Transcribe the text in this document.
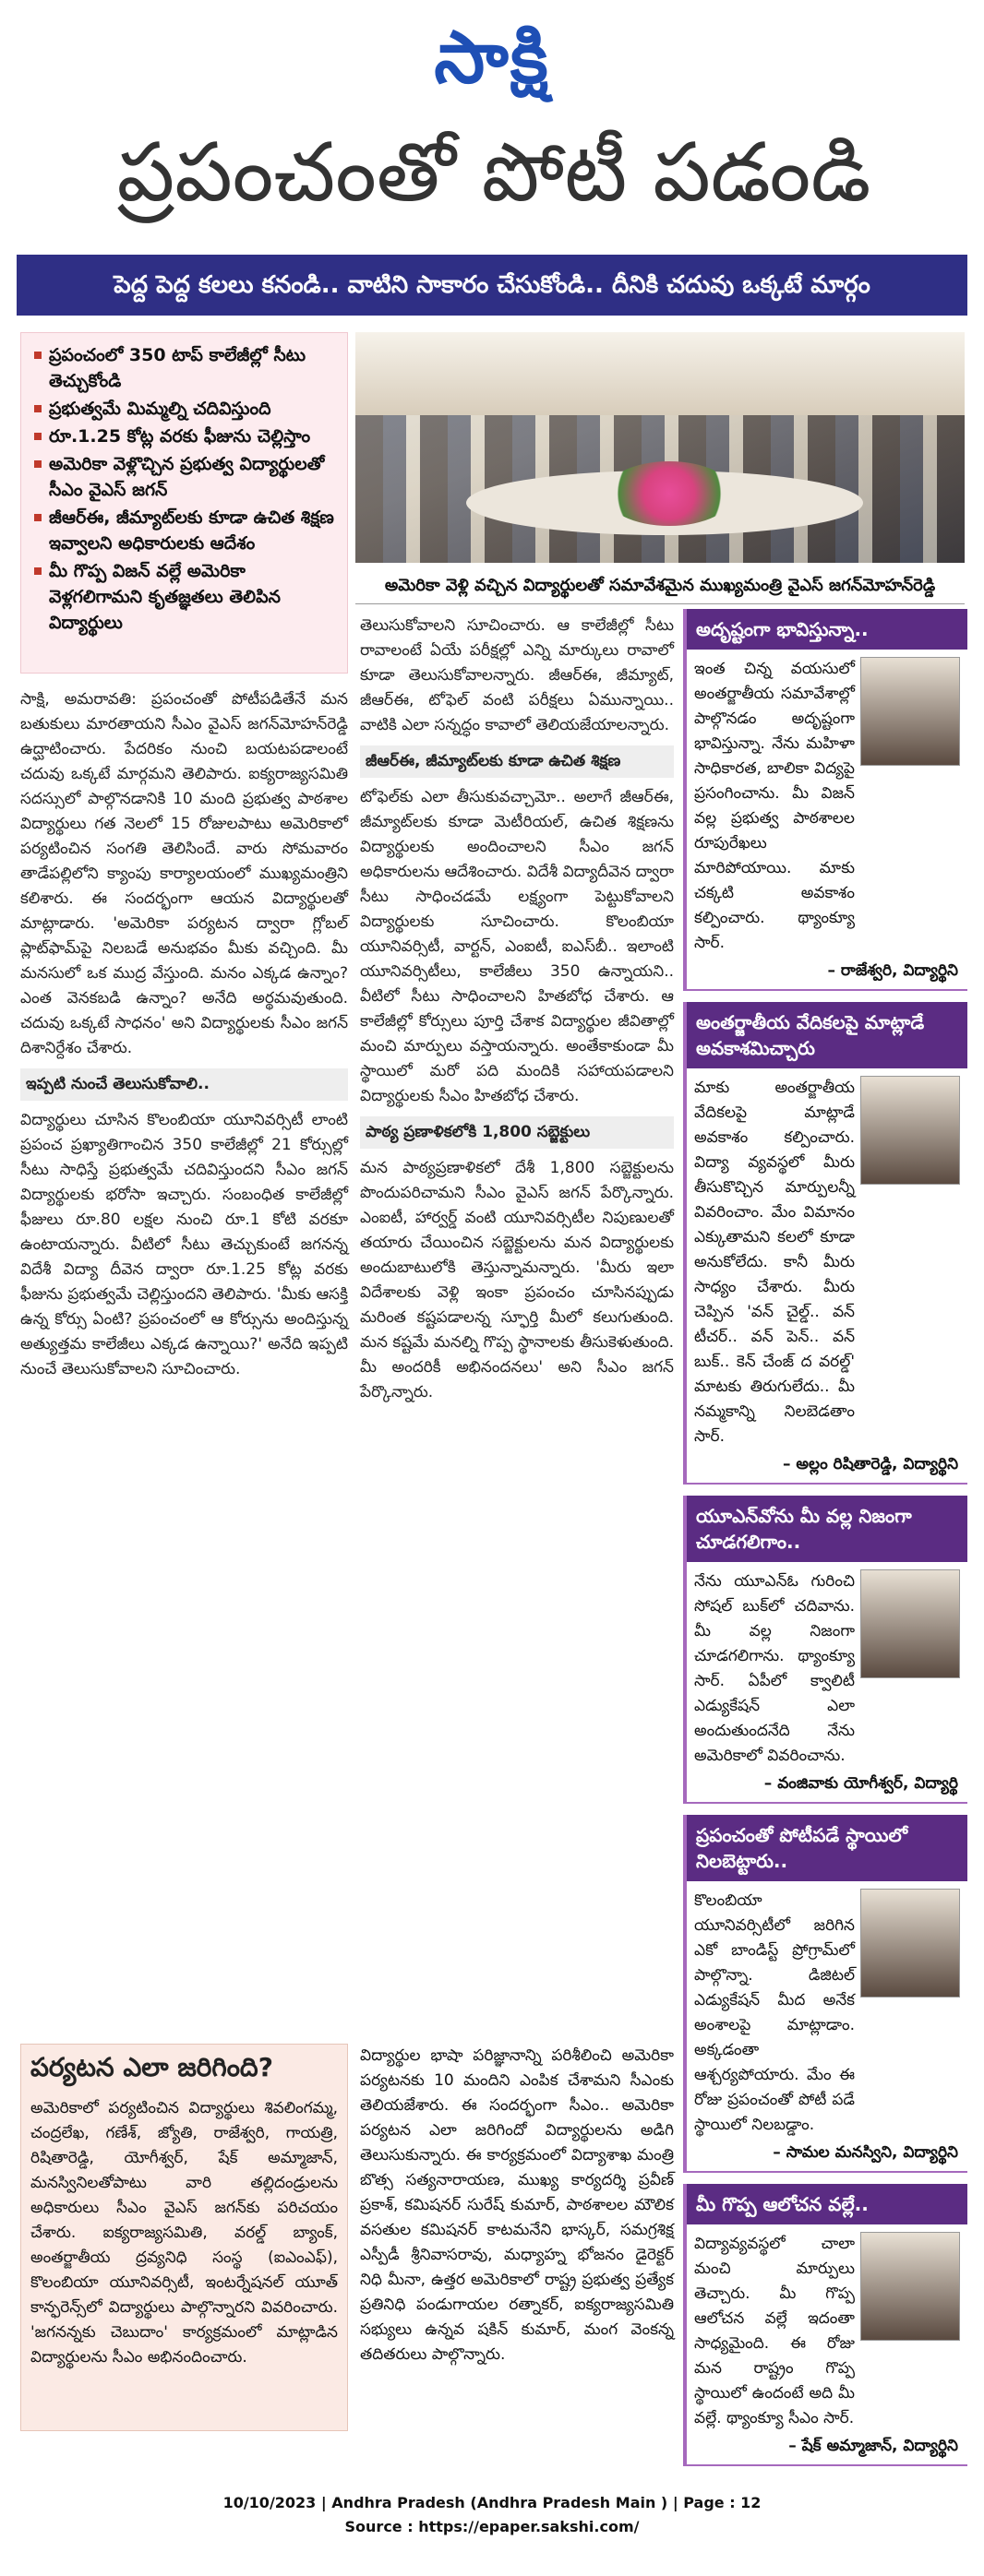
సాక్షి
ప్రపంచంతో పోటీ పడండి
పెద్ద పెద్ద కలలు కనండి.. వాటిని సాకారం చేసుకోండి.. దీనికి చదువు ఒక్కటే మార్గం
ప్రపంచంలో 350 టాప్ కాలేజీల్లో సీటు తెచ్చుకోండి
ప్రభుత్వమే మిమ్మల్ని చదివిస్తుంది
రూ.1.25 కోట్ల వరకు ఫీజును చెల్లిస్తాం
అమెరికా వెళ్లొచ్చిన ప్రభుత్వ విద్యార్థులతో సీఎం వైఎస్ జగన్
జీఆర్ఈ, జీమ్యాట్‌లకు కూడా ఉచిత శిక్షణ ఇవ్వాలని అధికారులకు ఆదేశం
మీ గొప్ప విజన్ వల్లే అమెరికా వెళ్లగలిగామని కృతజ్ఞతలు తెలిపిన విద్యార్థులు
అమెరికా వెళ్లి వచ్చిన విద్యార్థులతో సమావేశమైన ముఖ్యమంత్రి వైఎస్ జగన్‌మోహన్‌రెడ్డి

సాక్షి, అమరావతి: ప్రపంచంతో పోటీపడితేనే మన బతుకులు మారతాయని సీఎం వైఎస్ జగన్‌మోహన్‌రెడ్డి ఉద్ఘాటించారు. పేదరికం నుంచి బయటపడాలంటే చదువు ఒక్కటే మార్గమని తెలిపారు. ఐక్యరాజ్యసమితి సదస్సులో పాల్గొనడానికి 10 మంది ప్రభుత్వ పాఠశాల విద్యార్థులు గత నెలలో 15 రోజులపాటు అమెరికాలో పర్యటించిన సంగతి తెలిసిందే. వారు సోమవారం తాడేపల్లిలోని క్యాంపు కార్యాలయంలో ముఖ్యమంత్రిని కలిశారు. ఈ సందర్భంగా ఆయన విద్యార్థులతో మాట్లాడారు. 'అమెరికా పర్యటన ద్వారా గ్లోబల్ ప్లాట్‌ఫామ్‌పై నిలబడే అనుభవం మీకు వచ్చింది. మీ మనసులో ఒక ముద్ర వేస్తుంది. మనం ఎక్కడ ఉన్నాం? ఎంత వెనకబడి ఉన్నాం? అనేది అర్థమవుతుంది. చదువు ఒక్కటే సాధనం' అని విద్యార్థులకు సీఎం జగన్ దిశానిర్దేశం చేశారు.

ఇప్పటి నుంచే తెలుసుకోవాలి..

విద్యార్థులు చూసిన కొలంబియా యూనివర్సిటీ లాంటి ప్రపంచ ప్రఖ్యాతిగాంచిన 350 కాలేజీల్లో 21 కోర్సుల్లో సీటు సాధిస్తే ప్రభుత్వమే చదివిస్తుందని సీఎం జగన్ విద్యార్థులకు భరోసా ఇచ్చారు. సంబంధిత కాలేజీల్లో ఫీజులు రూ.80 లక్షల నుంచి రూ.1 కోటి వరకూ ఉంటాయన్నారు. వీటిలో సీటు తెచ్చుకుంటే జగనన్న విదేశీ విద్యా దీవెన ద్వారా రూ.1.25 కోట్ల వరకు ఫీజును ప్రభుత్వమే చెల్లిస్తుందని తెలిపారు. 'మీకు ఆసక్తి ఉన్న కోర్సు ఏంటి? ప్రపంచంలో ఆ కోర్సును అందిస్తున్న అత్యుత్తమ కాలేజీలు ఎక్కడ ఉన్నాయి?' అనేది ఇప్పటి నుంచే తెలుసుకోవాలని సూచించారు.

తెలుసుకోవాలని సూచించారు. ఆ కాలేజీల్లో సీటు రావాలంటే ఏయే పరీక్షల్లో ఎన్ని మార్కులు రావాలో కూడా తెలుసుకోవాలన్నారు. జీఆర్ఈ, జీమ్యాట్, జీఆర్ఈ, టోఫెల్ వంటి పరీక్షలు ఏమున్నాయి.. వాటికి ఎలా సన్నద్ధం కావాలో తెలియజేయాలన్నారు.

జీఆర్ఈ, జీమ్యాట్‌లకు కూడా ఉచిత శిక్షణ

టోఫెల్‌కు ఎలా తీసుకువచ్చామో.. అలాగే జీఆర్ఈ, జీమ్యాట్‌లకు కూడా మెటీరియల్, ఉచిత శిక్షణను విద్యార్థులకు అందించాలని సీఎం జగన్ అధికారులను ఆదేశించారు. విదేశీ విద్యాదీవెన ద్వారా సీటు సాధించడమే లక్ష్యంగా పెట్టుకోవాలని విద్యార్థులకు సూచించారు. కొలంబియా యూనివర్సిటీ, వార్టన్, ఎంఐటీ, ఐఎస్‌బీ.. ఇలాంటి యూనివర్సిటీలు, కాలేజీలు 350 ఉన్నాయని.. వీటిలో సీటు సాధించాలని హితబోధ చేశారు. ఆ కాలేజీల్లో కోర్సులు పూర్తి చేశాక విద్యార్థుల జీవితాల్లో మంచి మార్పులు వస్తాయన్నారు. అంతేకాకుండా మీ స్థాయిలో మరో పది మందికి సహాయపడాలని విద్యార్థులకు సీఎం హితబోధ చేశారు.

పాఠ్య ప్రణాళికలోకి 1,800 సబ్జెక్టులు

మన పాఠ్యప్రణాళికలో దేశీ 1,800 సబ్జెక్టులను పొందుపరిచామని సీఎం వైఎస్ జగన్ పేర్కొన్నారు. ఎంఐటీ, హార్వర్డ్ వంటి యూనివర్సిటీల నిపుణులతో తయారు చేయించిన సబ్జెక్టులను మన విద్యార్థులకు అందుబాటులోకి తెస్తున్నామన్నారు. 'మీరు ఇలా విదేశాలకు వెళ్లి ఇంకా ప్రపంచం చూసినప్పుడు మరింత కష్టపడాలన్న స్ఫూర్తి మీలో కలుగుతుంది. మన కష్టమే మనల్ని గొప్ప స్థానాలకు తీసుకెళుతుంది. మీ అందరికీ అభినందనలు' అని సీఎం జగన్ పేర్కొన్నారు.

అదృష్టంగా భావిస్తున్నా..
ఇంత చిన్న వయసులో అంతర్జాతీయ సమావేశాల్లో పాల్గొనడం అదృష్టంగా భావిస్తున్నా. నేను మహిళా సాధికారత, బాలికా విద్యపై ప్రసంగించాను. మీ విజన్ వల్ల ప్రభుత్వ పాఠశాలల రూపురేఖలు మారిపోయాయి. మాకు చక్కటి అవకాశం కల్పించారు. థ్యాంక్యూ సార్.
– రాజేశ్వరి, విద్యార్థిని
అంతర్జాతీయ వేదికలపై మాట్లాడే అవకాశమిచ్చారు
మాకు అంతర్జాతీయ వేదికలపై మాట్లాడే అవకాశం కల్పించారు. విద్యా వ్యవస్థలో మీరు తీసుకొచ్చిన మార్పులన్నీ వివరించాం. మేం విమానం ఎక్కుతామని కలలో కూడా అనుకోలేదు. కానీ మీరు సాధ్యం చేశారు. మీరు చెప్పిన 'వన్ చైల్డ్.. వన్ టీచర్.. వన్ పెన్.. వన్ బుక్.. కెన్ చేంజ్ ద వరల్డ్' మాటకు తిరుగులేదు.. మీ నమ్మకాన్ని నిలబెడతాం సార్.
– అల్లం రిషితారెడ్డి, విద్యార్థిని
యూఎన్‌వోను మీ వల్ల నిజంగా చూడగలిగాం..
నేను యూఎన్‌ఓ గురించి సోషల్ బుక్‌లో చదివాను. మీ వల్ల నిజంగా చూడగలిగాను. థ్యాంక్యూ సార్. ఏపీలో క్వాలిటీ ఎడ్యుకేషన్ ఎలా అందుతుందనేది నేను అమెరికాలో వివరించాను.
– వంజివాకు యోగీశ్వర్, విద్యార్థి
ప్రపంచంతో పోటీపడే స్థాయిలో నిలబెట్టారు..
కొలంబియా యూనివర్సిటీలో జరిగిన ఎకో బాండిస్ట్ ప్రోగ్రామ్‌లో పాల్గొన్నా. డిజిటల్ ఎడ్యుకేషన్ మీద అనేక అంశాలపై మాట్లాడాం. అక్కడంతా ఆశ్చర్యపోయారు. మేం ఈ రోజు ప్రపంచంతో పోటీ పడే స్థాయిలో నిలబడ్డాం.
– సామల మనస్విని, విద్యార్థిని
మీ గొప్ప ఆలోచన వల్లే..
విద్యావ్యవస్థలో చాలా మంచి మార్పులు తెచ్చారు. మీ గొప్ప ఆలోచన వల్లే ఇదంతా సాధ్యమైంది. ఈ రోజు మన రాష్ట్రం గొప్ప స్థాయిలో ఉందంటే అది మీ వల్లే. థ్యాంక్యూ సీఎం సార్.
– షేక్ అమ్మాజాన్, విద్యార్థిని
పర్యటన ఎలా జరిగింది?

అమెరికాలో పర్యటించిన విద్యార్థులు శివలింగమ్మ, చంద్రలేఖ, గణేశ్, జ్యోతి, రాజేశ్వరి, గాయత్రి, రిషితారెడ్డి, యోగీశ్వర్, షేక్ అమ్మాజాన్, మనస్వినిలతోపాటు వారి తల్లిదండ్రులను అధికారులు సీఎం వైఎస్ జగన్‌కు పరిచయం చేశారు. ఐక్యరాజ్యసమితి, వరల్డ్ బ్యాంక్, అంతర్జాతీయ ద్రవ్యనిధి సంస్థ (ఐఎంఎఫ్), కొలంబియా యూనివర్సిటీ, ఇంటర్నేషనల్ యూత్ కాన్ఫరెన్స్‌లో విద్యార్థులు పాల్గొన్నారని వివరించారు. 'జగనన్నకు చెబుదాం' కార్యక్రమంలో మాట్లాడిన విద్యార్థులను సీఎం అభినందించారు.

విద్యార్థుల భాషా పరిజ్ఞానాన్ని పరిశీలించి అమెరికా పర్యటనకు 10 మందిని ఎంపిక చేశామని సీఎంకు తెలియజేశారు. ఈ సందర్భంగా సీఎం.. అమెరికా పర్యటన ఎలా జరిగిందో విద్యార్థులను అడిగి తెలుసుకున్నారు. ఈ కార్యక్రమంలో విద్యాశాఖ మంత్రి బొత్స సత్యనారాయణ, ముఖ్య కార్యదర్శి ప్రవీణ్ ప్రకాశ్, కమిషనర్ సురేష్ కుమార్, పాఠశాలల మౌలిక వసతుల కమిషనర్ కాటమనేని భాస్కర్, సమగ్రశిక్ష ఎస్పీడీ శ్రీనివాసరావు, మధ్యాహ్న భోజనం డైరెక్టర్ నిధి మీనా, ఉత్తర అమెరికాలో రాష్ట్ర ప్రభుత్వ ప్రత్యేక ప్రతినిధి పండుగాయల రత్నాకర్, ఐక్యరాజ్యసమితి సభ్యులు ఉన్నవ షకిన్ కుమార్, మంగ వెంకన్న తదితరులు పాల్గొన్నారు.
10/10/2023 | Andhra Pradesh (Andhra Pradesh Main ) | Page : 12
Source : https://epaper.sakshi.com/
